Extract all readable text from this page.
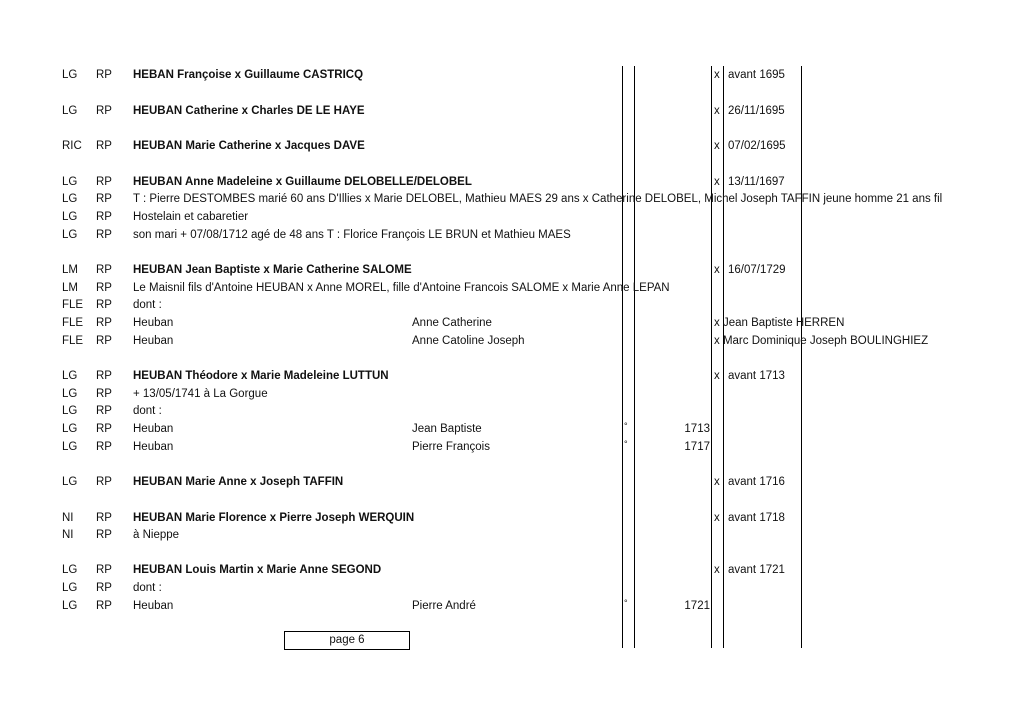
LG RP HEBAN Françoise x Guillaume CASTRICQ	x avant 1695
LG RP HEUBAN Catherine x Charles DE LE HAYE	x 26/11/1695
RIC RP HEUBAN Marie Catherine x Jacques DAVE	x 07/02/1695
LG RP HEUBAN Anne Madeleine x Guillaume DELOBELLE/DELOBEL	x 13/11/1697
LG RP T : Pierre DESTOMBES marié 60 ans D'Illies x Marie DELOBEL, Mathieu MAES 29 ans x Catherine DELOBEL, Michel Joseph TAFFIN jeune homme 21 ans fil
LG RP Hostelain et cabaretier
LG RP son mari + 07/08/1712 agé de 48 ans T : Florice François LE BRUN et Mathieu MAES
LM RP HEUBAN Jean Baptiste x Marie Catherine SALOME	x 16/07/1729
LM RP Le Maisnil fils d'Antoine HEUBAN x Anne MOREL, fille d'Antoine Francois SALOME x Marie Anne LEPAN
FLE RP dont :
FLE RP Heuban	Anne Catherine	x Jean Baptiste HERREN
FLE RP Heuban	Anne Catoline Joseph	x Marc Dominique Joseph BOULINGHIEZ
LG RP HEUBAN Théodore x Marie Madeleine LUTTUN	x avant 1713
LG RP + 13/05/1741 à La Gorgue
LG RP dont :
LG RP Heuban	Jean Baptiste	°	1713
LG RP Heuban	Pierre François	°	1717
LG RP HEUBAN Marie Anne x Joseph TAFFIN	x avant 1716
NI RP HEUBAN Marie Florence x Pierre Joseph WERQUIN	x avant 1718
NI RP à Nieppe
LG RP HEUBAN Louis Martin x Marie Anne SEGOND	x avant 1721
LG RP dont :
LG RP Heuban	Pierre André	°	1721
page 6
